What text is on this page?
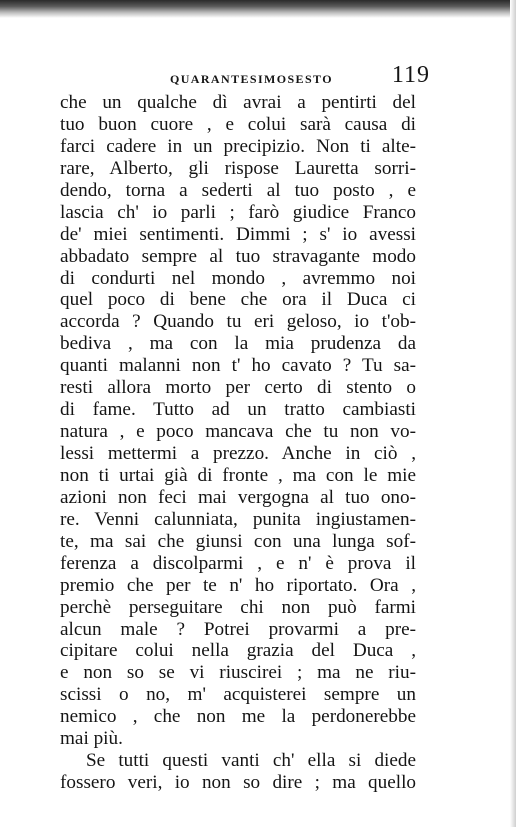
QUARANTESIMOSESTO 119
che un qualche dì avrai a pentirti del
tuo buon cuore , e colui sarà causa di
farci cadere in un precipizio. Non ti alte-
rare, Alberto, gli rispose Lauretta sorri-
dendo, torna a sederti al tuo posto , e
lascia ch' io parli ; farò giudice Franco
de' miei sentimenti. Dimmi ; s' io avessi
abbadato sempre al tuo stravagante modo
di condurti nel mondo , avremmo noi
quel poco di bene che ora il Duca ci
accorda ? Quando tu eri geloso, io t'ob-
bediva , ma con la mia prudenza da
quanti malanni non t' ho cavato ? Tu sa-
resti allora morto per certo di stento o
di fame. Tutto ad un tratto cambiasti
natura , e poco mancava che tu non vo-
lessi mettermi a prezzo. Anche in ciò ,
non ti urtai già di fronte , ma con le mie
azioni non feci mai vergogna al tuo ono-
re. Venni calunniata, punita ingiustamen-
te, ma sai che giunsi con una lunga sof-
ferenza a discolparmi , e n' è prova il
premio che per te n' ho riportato. Ora ,
perchè perseguitare chi non può farmi
alcun male ? Potrei provarmi a pre-
cipitare colui nella grazia del Duca ,
e non so se vi riuscirei ; ma ne riu-
scissi o no, m' acquisterei sempre un
nemico , che non me la perdonerebbe
mai più.
Se tutti questi vanti ch' ella si diede
fossero veri, io non so dire ; ma quello
